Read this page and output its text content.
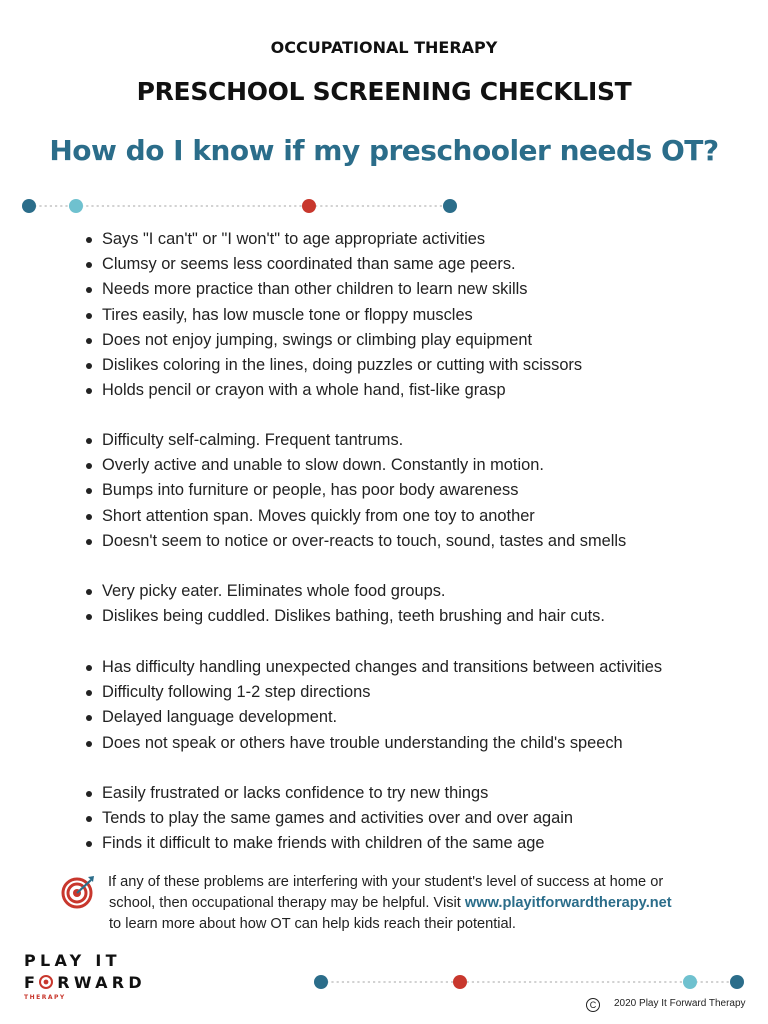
OCCUPATIONAL THERAPY
PRESCHOOL SCREENING CHECKLIST
How do I know if my preschooler needs OT?
Says "I can't" or "I won't" to age appropriate activities
Clumsy or seems less coordinated than same age peers.
Needs more practice than other children to learn new skills
Tires easily, has low muscle tone or floppy muscles
Does not enjoy jumping, swings or climbing play equipment
Dislikes coloring in the lines, doing puzzles or cutting with scissors
Holds pencil or crayon with a whole hand, fist-like grasp
Difficulty self-calming. Frequent tantrums.
Overly active and unable to slow down. Constantly in motion.
Bumps into furniture or people, has poor body awareness
Short attention span. Moves quickly from one toy to another
Doesn't seem to notice or over-reacts to touch, sound, tastes and smells
Very picky eater. Eliminates whole food groups.
Dislikes being cuddled. Dislikes bathing, teeth brushing and hair cuts.
Has difficulty handling unexpected changes and transitions between activities
Difficulty following 1-2 step directions
Delayed language development.
Does not speak or others have trouble understanding the child's speech
Easily frustrated or lacks confidence to try new things
Tends to play the same games and activities over and over again
Finds it difficult to make friends with children of the same age
If any of these problems are interfering with your student's level of success at home or
school, then occupational therapy may be helpful. Visit www.playitforwardtherapy.net
to learn more about how OT can help kids reach their potential.
PLAY IT
F RWARD
THERAPY
C 2020 Play It Forward Therapy
